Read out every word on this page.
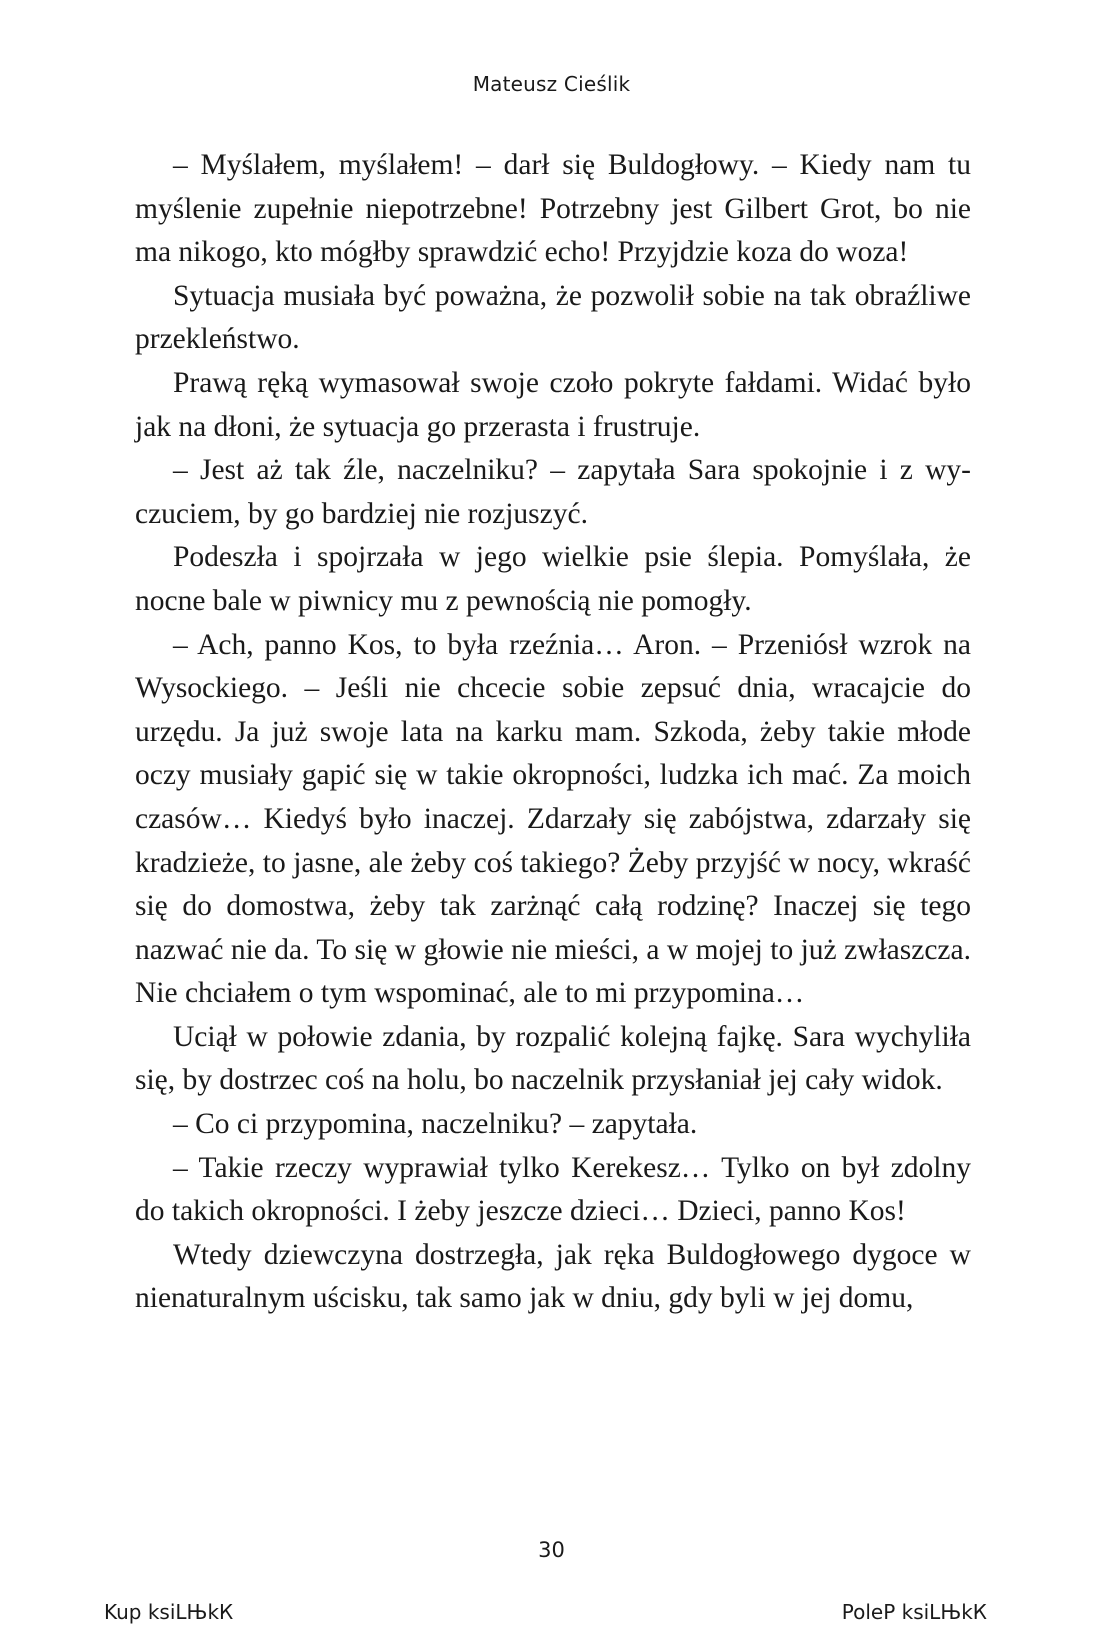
Mateusz Cieślik

– Myślałem, myślałem! – darł się Buldogłowy. – Kiedy nam tu myślenie zupełnie niepotrzebne! Potrzebny jest Gilbert Grot, bo nie ma nikogo, kto mógłby sprawdzić echo! Przyjdzie koza do woza!

Sytuacja musiała być poważna, że pozwolił sobie na tak obraźliwe przekleństwo.

Prawą ręką wymasował swoje czoło pokryte fałdami. Widać było jak na dłoni, że sytuacja go przerasta i frustruje.

– Jest aż tak źle, naczelniku? – zapytała Sara spokojnie i z wyczuciem, by go bardziej nie rozjuszyć.

Podeszła i spojrzała w jego wielkie psie ślepia. Pomyślała, że nocne bale w piwnicy mu z pewnością nie pomogły.

– Ach, panno Kos, to była rzeźnia… Aron. – Przeniósł wzrok na Wysockiego. – Jeśli nie chcecie sobie zepsuć dnia, wracajcie do urzędu. Ja już swoje lata na karku mam. Szkoda, żeby takie młode oczy musiały gapić się w takie okropności, ludzka ich mać. Za moich czasów… Kiedyś było inaczej. Zdarzały się zabójstwa, zdarzały się kradzieże, to jasne, ale żeby coś takiego? Żeby przyjść w nocy, wkraść się do domostwa, żeby tak zarżnąć całą rodzinę? Inaczej się tego nazwać nie da. To się w głowie nie mieści, a w mojej to już zwłaszcza. Nie chciałem o tym wspominać, ale to mi przypomina…

Uciął w połowie zdania, by rozpalić kolejną fajkę. Sara wychyliła się, by dostrzec coś na holu, bo naczelnik przysłaniał jej cały widok.

– Co ci przypomina, naczelniku? – zapytała.

– Takie rzeczy wyprawiał tylko Kerekesz… Tylko on był zdolny do takich okropności. I żeby jeszcze dzieci… Dzieci, panno Kos!

Wtedy dziewczyna dostrzegła, jak ręka Buldogłowego dygoce w nienaturalnym uścisku, tak samo jak w dniu, gdy byli w jej domu,

30
Kup ksiLЊkК	PoleР ksiLЊkК
